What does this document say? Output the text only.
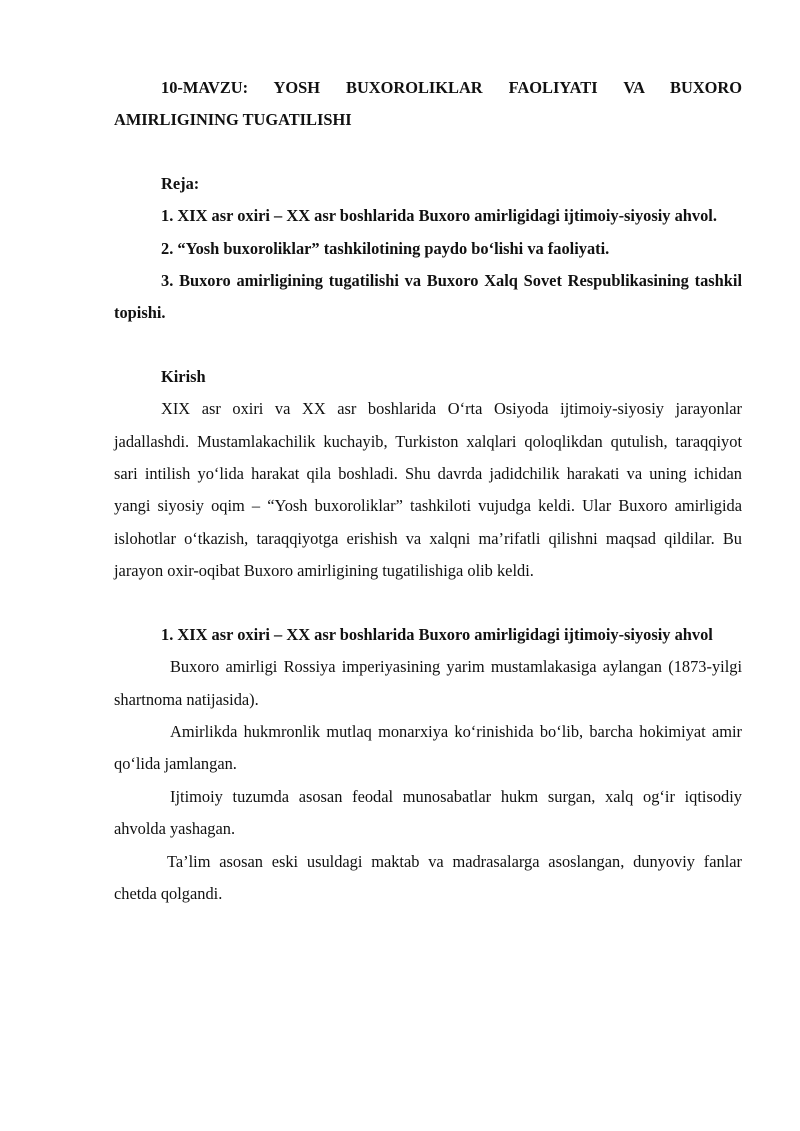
10-MAVZU: YOSH BUXOROLIKLAR FAOLIYATI VA BUXORO AMIRLIGINING TUGATILISHI

Reja:

1. XIX asr oxiri – XX asr boshlarida Buxoro amirligidagi ijtimoiy-siyosiy ahvol.

2. “Yosh buxoroliklar” tashkilotining paydo bo‘lishi va faoliyati.

3. Buxoro amirligining tugatilishi va Buxoro Xalq Sovet Respublikasining tashkil topishi.

Kirish

XIX asr oxiri va XX asr boshlarida O‘rta Osiyoda ijtimoiy-siyosiy jarayonlar jadallashdi. Mustamlakachilik kuchayib, Turkiston xalqlari qoloqlikdan qutulish, taraqqiyot sari intilish yo‘lida harakat qila boshladi. Shu davrda jadidchilik harakati va uning ichidan yangi siyosiy oqim – “Yosh buxoroliklar” tashkiloti vujudga keldi. Ular Buxoro amirligida islohotlar o‘tkazish, taraqqiyotga erishish va xalqni ma’rifatli qilishni maqsad qildilar. Bu jarayon oxir-oqibat Buxoro amirligining tugatilishiga olib keldi.

1. XIX asr oxiri – XX asr boshlarida Buxoro amirligidagi ijtimoiy-siyosiy ahvol

Buxoro amirligi Rossiya imperiyasining yarim mustamlakasiga aylangan (1873-yilgi shartnoma natijasida).

Amirlikda hukmronlik mutlaq monarxiya ko‘rinishida bo‘lib, barcha hokimiyat amir qo‘lida jamlangan.

Ijtimoiy tuzumda asosan feodal munosabatlar hukm surgan, xalq og‘ir iqtisodiy ahvolda yashagan.

Ta’lim asosan eski usuldagi maktab va madrasalarga asoslangan, dunyoviy fanlar chetda qolgandi.
